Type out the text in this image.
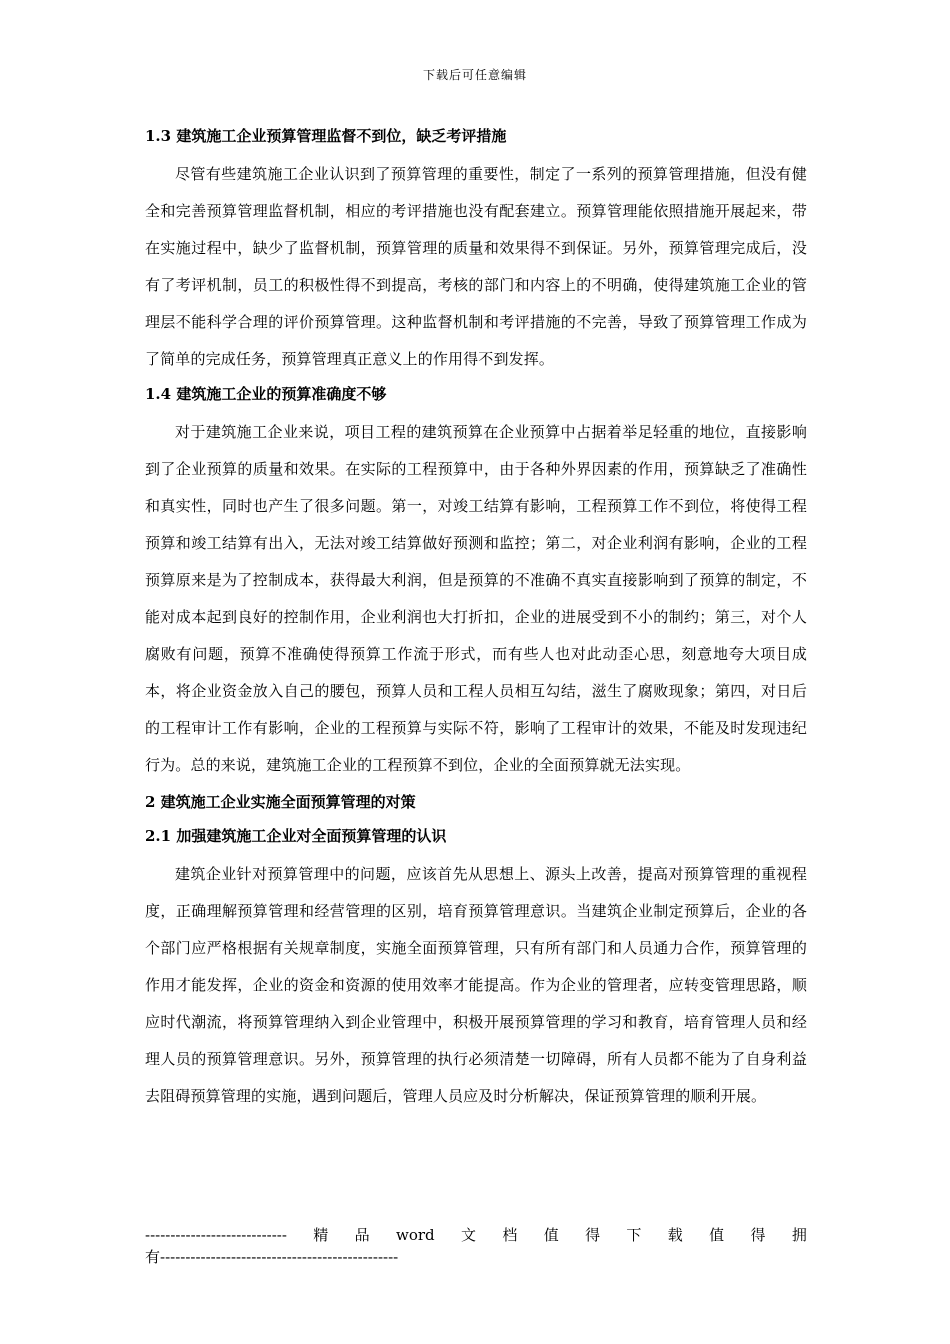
下载后可任意编辑

1.3 建筑施工企业预算管理监督不到位，缺乏考评措施

尽管有些建筑施工企业认识到了预算管理的重要性，制定了一系列的预算管理措施，但没有健全和完善预算管理监督机制，相应的考评措施也没有配套建立。预算管理能依照措施开展起来，带在实施过程中，缺少了监督机制，预算管理的质量和效果得不到保证。另外，预算管理完成后，没有了考评机制，员工的积极性得不到提高，考核的部门和内容上的不明确，使得建筑施工企业的管理层不能科学合理的评价预算管理。这种监督机制和考评措施的不完善，导致了预算管理工作成为了简单的完成任务，预算管理真正意义上的作用得不到发挥。

1.4 建筑施工企业的预算准确度不够

对于建筑施工企业来说，项目工程的建筑预算在企业预算中占据着举足轻重的地位，直接影响到了企业预算的质量和效果。在实际的工程预算中，由于各种外界因素的作用，预算缺乏了准确性和真实性，同时也产生了很多问题。第一，对竣工结算有影响，工程预算工作不到位，将使得工程预算和竣工结算有出入，无法对竣工结算做好预测和监控；第二，对企业利润有影响，企业的工程预算原来是为了控制成本，获得最大利润，但是预算的不准确不真实直接影响到了预算的制定，不能对成本起到良好的控制作用，企业利润也大打折扣，企业的进展受到不小的制约；第三，对个人腐败有问题，预算不准确使得预算工作流于形式，而有些人也对此动歪心思，刻意地夸大项目成本，将企业资金放入自己的腰包，预算人员和工程人员相互勾结，滋生了腐败现象；第四，对日后的工程审计工作有影响，企业的工程预算与实际不符，影响了工程审计的效果，不能及时发现违纪行为。总的来说，建筑施工企业的工程预算不到位，企业的全面预算就无法实现。

2 建筑施工企业实施全面预算管理的对策

2.1 加强建筑施工企业对全面预算管理的认识

建筑企业针对预算管理中的问题，应该首先从思想上、源头上改善，提高对预算管理的重视程度，正确理解预算管理和经营管理的区别，培育预算管理意识。当建筑企业制定预算后，企业的各个部门应严格根据有关规章制度，实施全面预算管理，只有所有部门和人员通力合作，预算管理的作用才能发挥，企业的资金和资源的使用效率才能提高。作为企业的管理者，应转变管理思路，顺应时代潮流，将预算管理纳入到企业管理中，积极开展预算管理的学习和教育，培育管理人员和经理人员的预算管理意识。另外，预算管理的执行必须清楚一切障碍，所有人员都不能为了自身利益去阻碍预算管理的实施，遇到问题后，管理人员应及时分析解决，保证预算管理的顺利开展。

---------------------------- 精 品 word 文 档 值 得 下 载 值 得 拥
有-----------------------------------------------
